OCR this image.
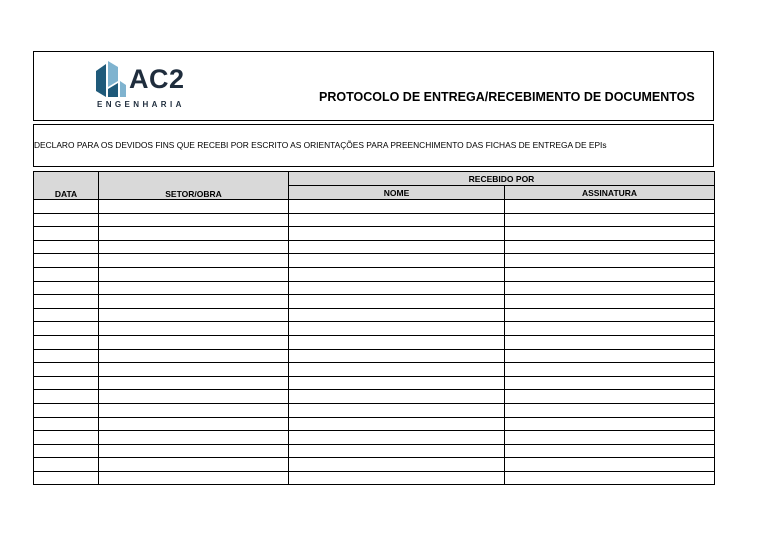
AC2
ENGENHARIA
PROTOCOLO DE ENTREGA/RECEBIMENTO DE DOCUMENTOS
DECLARO PARA OS DEVIDOS FINS QUE RECEBI POR ESCRITO AS ORIENTAÇÕES PARA PREENCHIMENTO DAS FICHAS DE ENTREGA DE EPIs
DATA	SETOR/OBRA	RECEBIDO POR	
		NOME	ASSINATURA
